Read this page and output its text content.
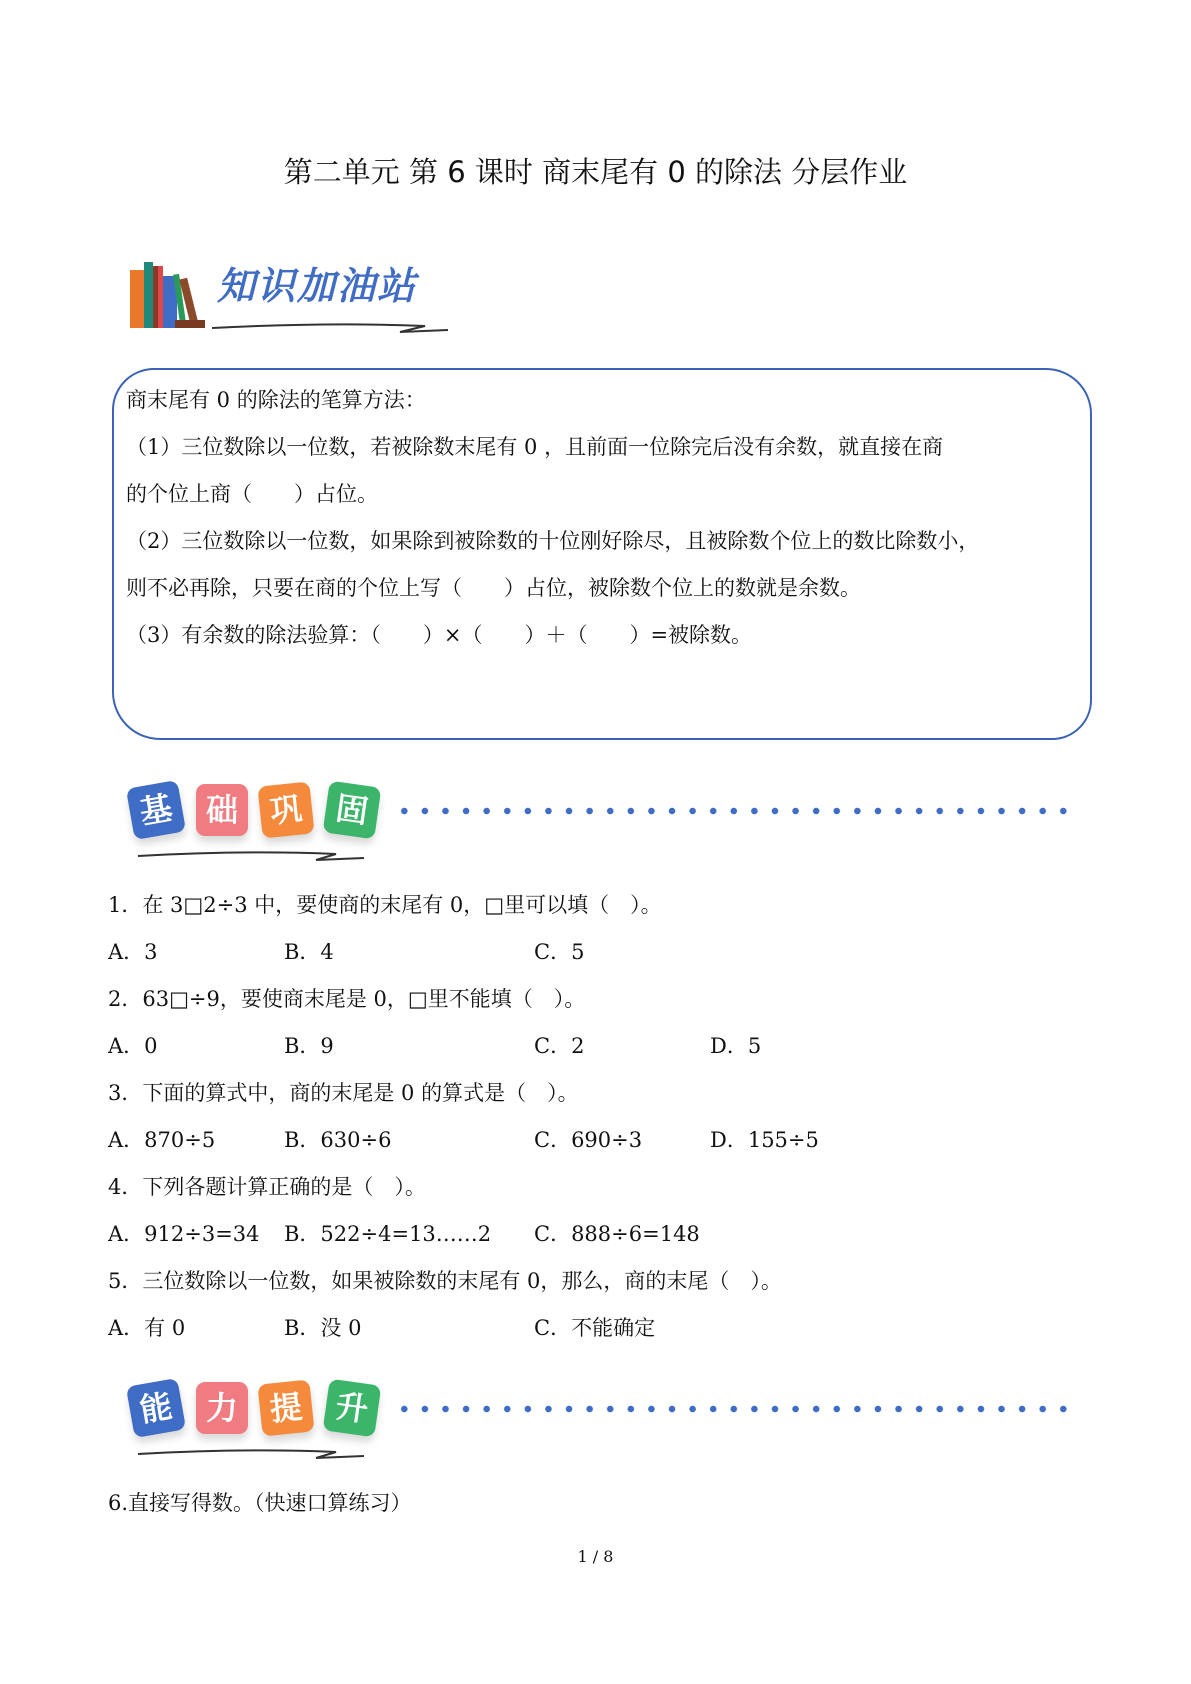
第二单元 第 6 课时 商末尾有 0 的除法 分层作业
知识加油站
商末尾有 0 的除法的笔算方法：
（1）三位数除以一位数，若被除数末尾有 0 ，且前面一位除完后没有余数，就直接在商
的个位上商（　　）占位。
（2）三位数除以一位数，如果除到被除数的十位刚好除尽，且被除数个位上的数比除数小，
则不必再除，只要在商的个位上写（　　）占位，被除数个位上的数就是余数。
（3）有余数的除法验算：（　　）×（　　）＋（　　）=被除数。
基 础 巩 固
1．在 3□2÷3 中，要使商的末尾有 0，□里可以填（　）。
A．3	B．4	C．5
2．63□÷9，要使商末尾是 0，□里不能填（　）。
A．0	B．9	C．2	D．5
3．下面的算式中，商的末尾是 0 的算式是（　）。
A．870÷5	B．630÷6	C．690÷3	D．155÷5
4．下列各题计算正确的是（　）。
A．912÷3=34	B．522÷4=13……2	C．888÷6=148
5．三位数除以一位数，如果被除数的末尾有 0，那么，商的末尾（　）。
A．有 0	B．没 0	C．不能确定
能 力 提 升
6.直接写得数。（快速口算练习）
1 / 8
